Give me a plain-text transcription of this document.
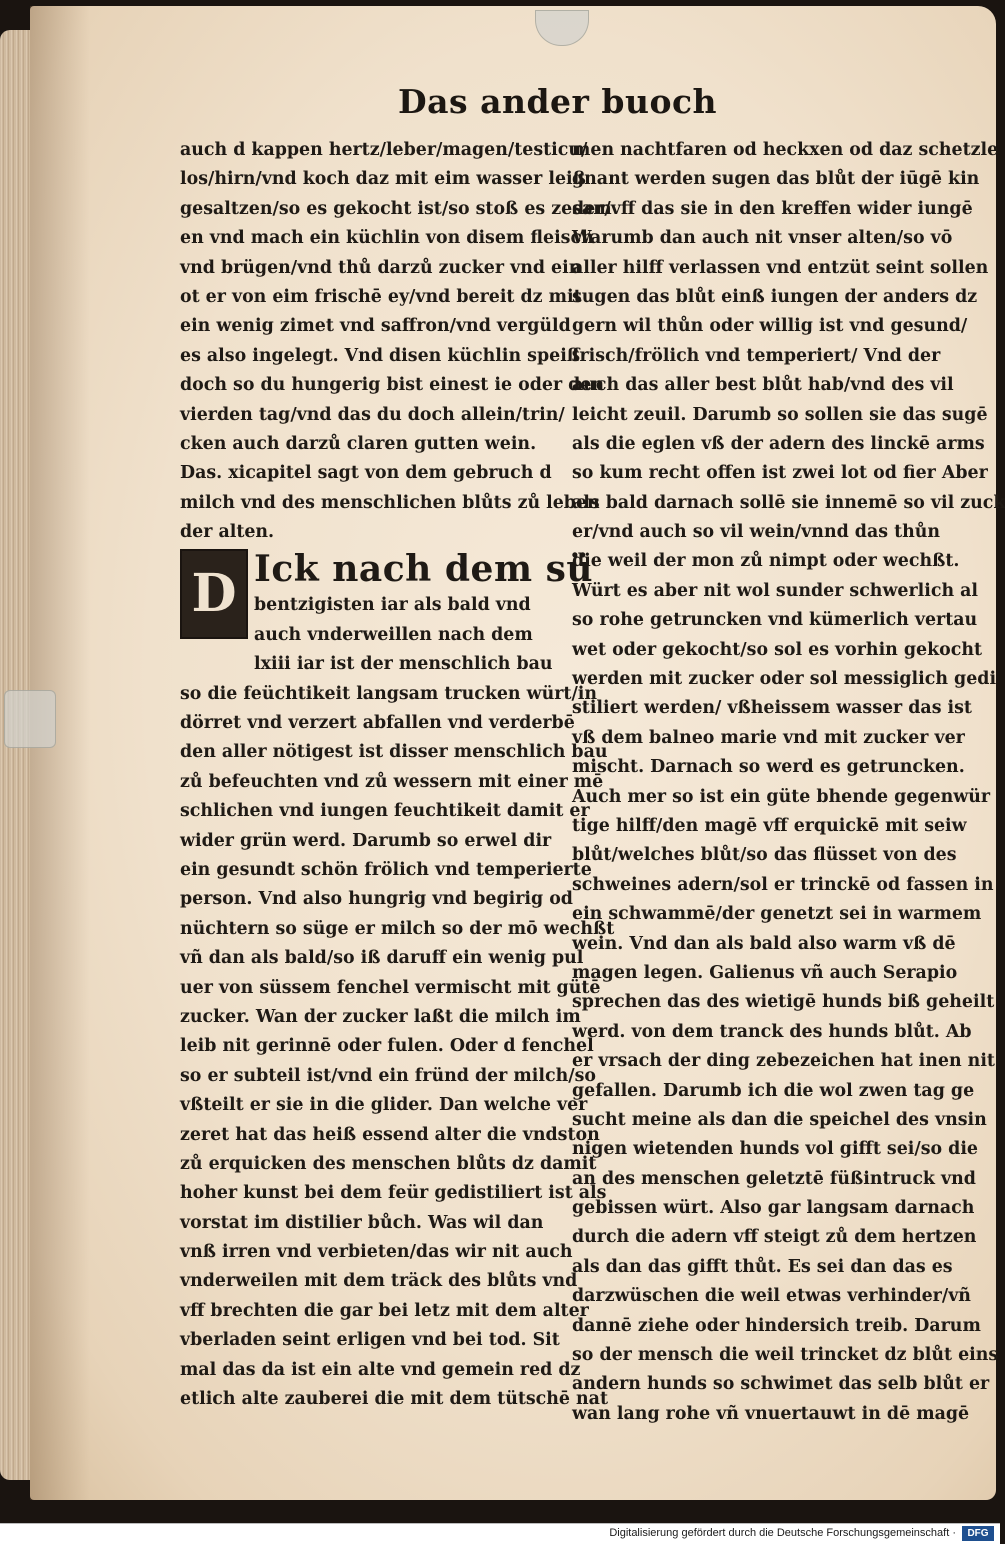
Das ander buoch
auch d kappen hertz/leber/magen/testicu/
los/hirn/vnd koch daz mit eim wasser leiß
gesaltzen/so es gekocht ist/so stoß es zesam
en vnd mach ein küchlin von disem fleisch
vnd brügen/vnd thů darzů zucker vnd ein
ot er von eim frischē ey/vnd bereit dz mit
ein wenig zimet vnd saffron/vnd vergüld
es also ingelegt. Vnd disen küchlin speiß
doch so du hungerig bist einest ie oder den
vierden tag/vnd das du doch allein/trin/
cken auch darzů claren gutten wein.
Das. xicapitel sagt von dem gebruch d
milch vnd des menschlichen blůts zů leben
der alten.
D Ick nach dem sü
bentzigisten iar als bald vnd
auch vnderweillen nach dem
lxiii iar ist der menschlich bau
so die feüchtikeit langsam trucken würt/in
dörret vnd verzert abfallen vnd verderbē
den aller nötigest ist disser menschlich bau
zů befeuchten vnd zů wessern mit einer mē
schlichen vnd iungen feuchtikeit damit er
wider grün werd. Darumb so erwel dir
ein gesundt schön frölich vnd temperierte
person. Vnd also hungrig vnd begirig od
nüchtern so süge er milch so der mō wechßt
vñ dan als bald/so iß daruff ein wenig pul
uer von süssem fenchel vermischt mit gütē
zucker. Wan der zucker laßt die milch im
leib nit gerinnē oder fulen. Oder d fenchel
so er subteil ist/vnd ein fründ der milch/so
vßteilt er sie in die glider. Dan welche ver
zeret hat das heiß essend alter die vndston
zů erquicken des menschen blůts dz damit
hoher kunst bei dem feür gedistiliert ist als
vorstat im distilier bůch. Was wil dan
vnß irren vnd verbieten/das wir nit auch
vnderweilen mit dem träck des blůts vnd
vff brechten die gar bei letz mit dem alter
vberladen seint erligen vnd bei tod. Sit
mal das da ist ein alte vnd gemein red dz
etlich alte zauberei die mit dem tütschē nat
men nachtfaren od heckxen od daz schetzle
gnant werden sugen das blůt der iūgē kin
der/vff das sie in den kreffen wider iungē
Warumb dan auch nit vnser alten/so vō
aller hilff verlassen vnd entzüt seint sollen
sugen das blůt einß iungen der anders dz
gern wil thůn oder willig ist vnd gesund/
frisch/frölich vnd temperiert/ Vnd der
auch das aller best blůt hab/vnd des vil
leicht zeuil. Darumb so sollen sie das sugē
als die eglen vß der adern des linckē arms
so kum recht offen ist zwei lot od fier Aber
als bald darnach sollē sie innemē so vil zuck
er/vnd auch so vil wein/vnnd das thůn
die weil der mon zů nimpt oder wechßt.
Würt es aber nit wol sunder schwerlich al
so rohe getruncken vnd kümerlich vertau
wet oder gekocht/so sol es vorhin gekocht
werden mit zucker oder sol messiglich gedi
stiliert werden/ vßheissem wasser das ist
vß dem balneo marie vnd mit zucker ver
mischt. Darnach so werd es getruncken.
Auch mer so ist ein güte bhende gegenwür
tige hilff/den magē vff erquickē mit seiw
blůt/welches blůt/so das flüsset von des
schweines adern/sol er trinckē od fassen in
ein schwammē/der genetzt sei in warmem
wein. Vnd dan als bald also warm vß dē
magen legen. Galienus vñ auch Serapio
sprechen das des wietigē hunds biß geheilt
werd. von dem tranck des hunds blůt. Ab
er vrsach der ding zebezeichen hat inen nit
gefallen. Darumb ich die wol zwen tag ge
sucht meine als dan die speichel des vnsin
nigen wietenden hunds vol gifft sei/so die
an des menschen geletztē füßintruck vnd
gebissen würt. Also gar langsam darnach
durch die adern vff steigt zů dem hertzen
als dan das gifft thůt. Es sei dan das es
darzwüschen die weil etwas verhinder/vñ
dannē ziehe oder hindersich treib. Darum
so der mensch die weil trincket dz blůt eins
andern hunds so schwimet das selb blůt er
wan lang rohe vñ vnuertauwt in dē magē
Digitalisierung gefördert durch die Deutsche Forschungsgemeinschaft ·	DFG
